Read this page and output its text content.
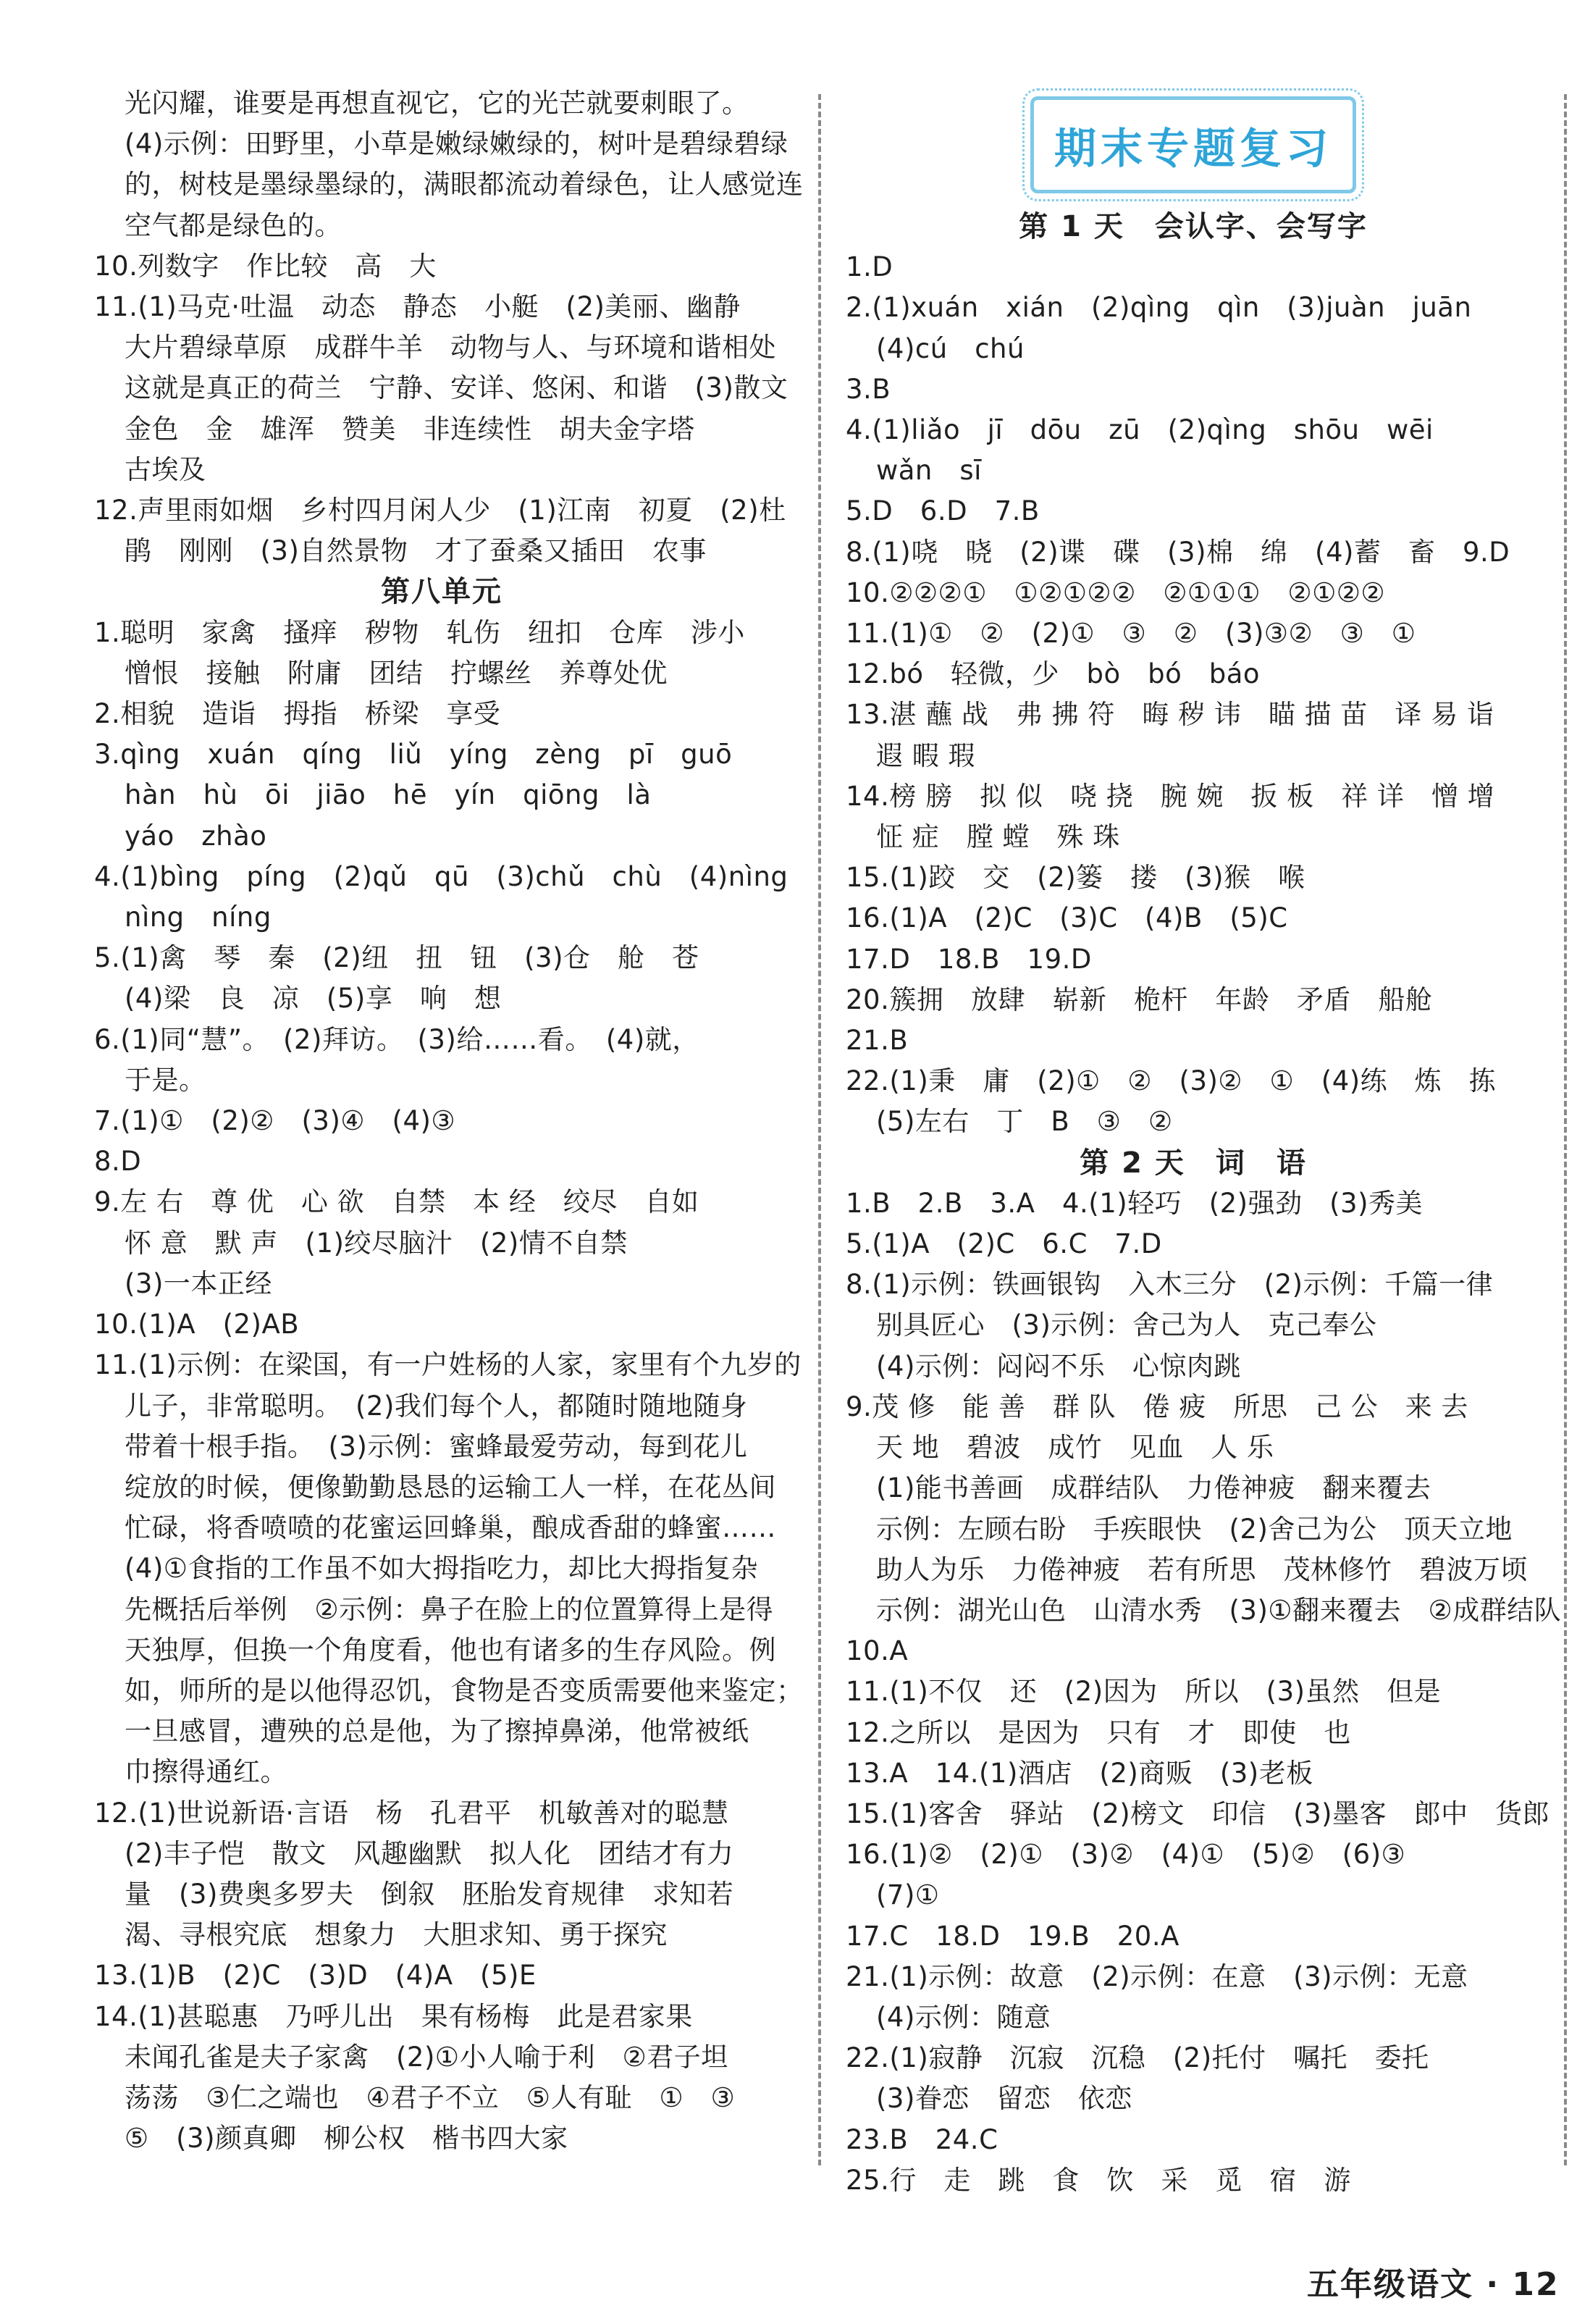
光闪耀，谁要是再想直视它，它的光芒就要刺眼了。
(4)示例：田野里，小草是嫩绿嫩绿的，树叶是碧绿碧绿
的，树枝是墨绿墨绿的，满眼都流动着绿色，让人感觉连
空气都是绿色的。
10.列数字　作比较　高　大
11.(1)马克·吐温　动态　静态　小艇　(2)美丽、幽静
大片碧绿草原　成群牛羊　动物与人、与环境和谐相处
这就是真正的荷兰　宁静、安详、悠闲、和谐　(3)散文
金色　金　雄浑　赞美　非连续性　胡夫金字塔
古埃及
12.声里雨如烟　乡村四月闲人少　(1)江南　初夏　(2)杜
鹃　刚刚　(3)自然景物　才了蚕桑又插田　农事
第八单元
1.聪明　家禽　搔痒　秽物　轧伤　纽扣　仓库　涉小
憎恨　接触　附庸　团结　拧螺丝　养尊处优
2.相貌　造诣　拇指　桥梁　享受
3.qìng　xuán　qíng　liǔ　yíng　zèng　pī　guō
hàn　hù　ōi　jiāo　hē　yín　qiōng　là
yáo　zhào
4.(1)bìng　píng　(2)qǔ　qū　(3)chǔ　chù　(4)nìng
nìng　níng
5.(1)禽　琴　秦　(2)纽　扭　钮　(3)仓　舱　苍
(4)梁　良　凉　(5)享　响　想
6.(1)同“慧”。　(2)拜访。　(3)给……看。　(4)就，
于是。
7.(1)①　(2)②　(3)④　(4)③
8.D
9.左 右　尊 优　心 欲　自禁　本 经　绞尽　自如
怀 意　默 声　(1)绞尽脑汁　(2)情不自禁
(3)一本正经
10.(1)A　(2)AB
11.(1)示例：在梁国，有一户姓杨的人家，家里有个九岁的
儿子，非常聪明。　(2)我们每个人，都随时随地随身
带着十根手指。　(3)示例：蜜蜂最爱劳动，每到花儿
绽放的时候，便像勤勤恳恳的运输工人一样，在花丛间
忙碌，将香喷喷的花蜜运回蜂巢，酿成香甜的蜂蜜……
(4)①食指的工作虽不如大拇指吃力，却比大拇指复杂
先概括后举例　②示例：鼻子在脸上的位置算得上是得
天独厚，但换一个角度看，他也有诸多的生存风险。例
如，师所的是以他得忍饥，食物是否变质需要他来鉴定；
一旦感冒，遭殃的总是他，为了擦掉鼻涕，他常被纸
巾擦得通红。
12.(1)世说新语·言语　杨　孔君平　机敏善对的聪慧
(2)丰子恺　散文　风趣幽默　拟人化　团结才有力
量　(3)费奥多罗夫　倒叙　胚胎发育规律　求知若
渴、寻根究底　想象力　大胆求知、勇于探究
13.(1)B　(2)C　(3)D　(4)A　(5)E
14.(1)甚聪惠　乃呼儿出　果有杨梅　此是君家果
未闻孔雀是夫子家禽　(2)①小人喻于利　②君子坦
荡荡　③仁之端也　④君子不立　⑤人有耻　①　③
⑤　(3)颜真卿　柳公权　楷书四大家
期末专题复习
第 1 天　会认字、会写字
1.D
2.(1)xuán　xián　(2)qìng　qìn　(3)juàn　juān
(4)cú　chú
3.B
4.(1)liǎo　jī　dōu　zū　(2)qìng　shōu　wēi
wǎn　sī
5.D　6.D　7.B
8.(1)哓　晓　(2)谍　碟　(3)棉　绵　(4)蓄　畜　9.D
10.②②②①　①②①②②　②①①①　②①②②
11.(1)①　②　(2)①　③　②　(3)③②　③　①
12.bó　轻微，少　bò　bó　báo
13.湛 蘸 战　弗 拂 符　晦 秽 讳　瞄 描 苗　译 易 诣
遐 暇 瑕
14.榜 膀　拟 似　哓 挠　腕 婉　扳 板　祥 详　憎 增
怔 症　膛 螳　殊 珠
15.(1)跤　交　(2)篓　搂　(3)猴　喉
16.(1)A　(2)C　(3)C　(4)B　(5)C
17.D　18.B　19.D
20.簇拥　放肆　崭新　桅杆　年龄　矛盾　船舱
21.B
22.(1)秉　庸　(2)①　②　(3)②　①　(4)练　炼　拣
(5)左右　丁　B　③　②
第 2 天　词　语
1.B　2.B　3.A　4.(1)轻巧　(2)强劲　(3)秀美
5.(1)A　(2)C　6.C　7.D
8.(1)示例：铁画银钩　入木三分　(2)示例：千篇一律
别具匠心　(3)示例：舍己为人　克己奉公
(4)示例：闷闷不乐　心惊肉跳
9.茂 修　能 善　群 队　倦 疲　所思　己 公　来 去
天 地　碧波　成竹　见血　人 乐
(1)能书善画　成群结队　力倦神疲　翻来覆去
示例：左顾右盼　手疾眼快　(2)舍己为公　顶天立地
助人为乐　力倦神疲　若有所思　茂林修竹　碧波万顷
示例：湖光山色　山清水秀　(3)①翻来覆去　②成群结队
10.A
11.(1)不仅　还　(2)因为　所以　(3)虽然　但是
12.之所以　是因为　只有　才　即使　也
13.A　14.(1)酒店　(2)商贩　(3)老板
15.(1)客舍　驿站　(2)榜文　印信　(3)墨客　郎中　货郎
16.(1)②　(2)①　(3)②　(4)①　(5)②　(6)③
(7)①
17.C　18.D　19.B　20.A
21.(1)示例：故意　(2)示例：在意　(3)示例：无意
(4)示例：随意
22.(1)寂静　沉寂　沉稳　(2)托付　嘱托　委托
(3)眷恋　留恋　依恋
23.B　24.C
25.行　走　跳　食　饮　采　觅　宿　游
五年级语文 · 12
